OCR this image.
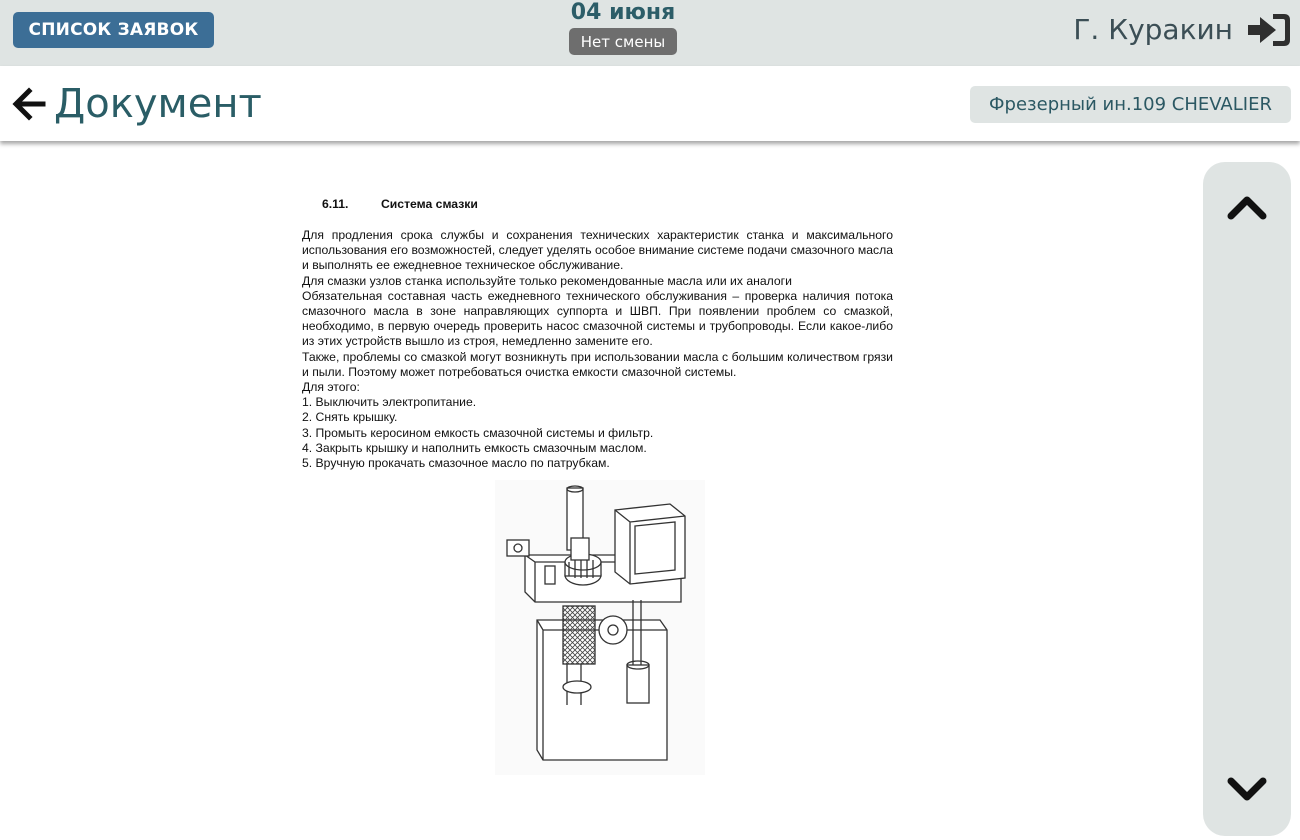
СПИСОК ЗАЯВОК
04 июня
Нет смены	Г. Куракин
Документ	Фрезерный ин.109 CHEVALIER
6.11.	Система смазки

Для продления срока службы и сохранения технических характеристик станка и максимального использования его возможностей, следует уделять особое внимание системе подачи смазочного масла и выполнять ее ежедневное техническое обслуживание.

Для смазки узлов станка используйте только рекомендованные масла или их аналоги

Обязательная составная часть ежедневного технического обслуживания – проверка наличия потока смазочного масла в зоне направляющих суппорта и ШВП. При появлении проблем со смазкой, необходимо, в первую очередь проверить насос смазочной системы и трубопроводы. Если какое-либо из этих устройств вышло из строя, немедленно замените его.

Также, проблемы со смазкой могут возникнуть при использовании масла с большим количеством грязи и пыли. Поэтому может потребоваться очистка емкости смазочной системы.

Для этого:

1. Выключить электропитание.

2. Снять крышку.

3. Промыть керосином емкость смазочной системы и фильтр.

4. Закрыть крышку и наполнить емкость смазочным маслом.

5. Вручную прокачать смазочное масло по патрубкам.
